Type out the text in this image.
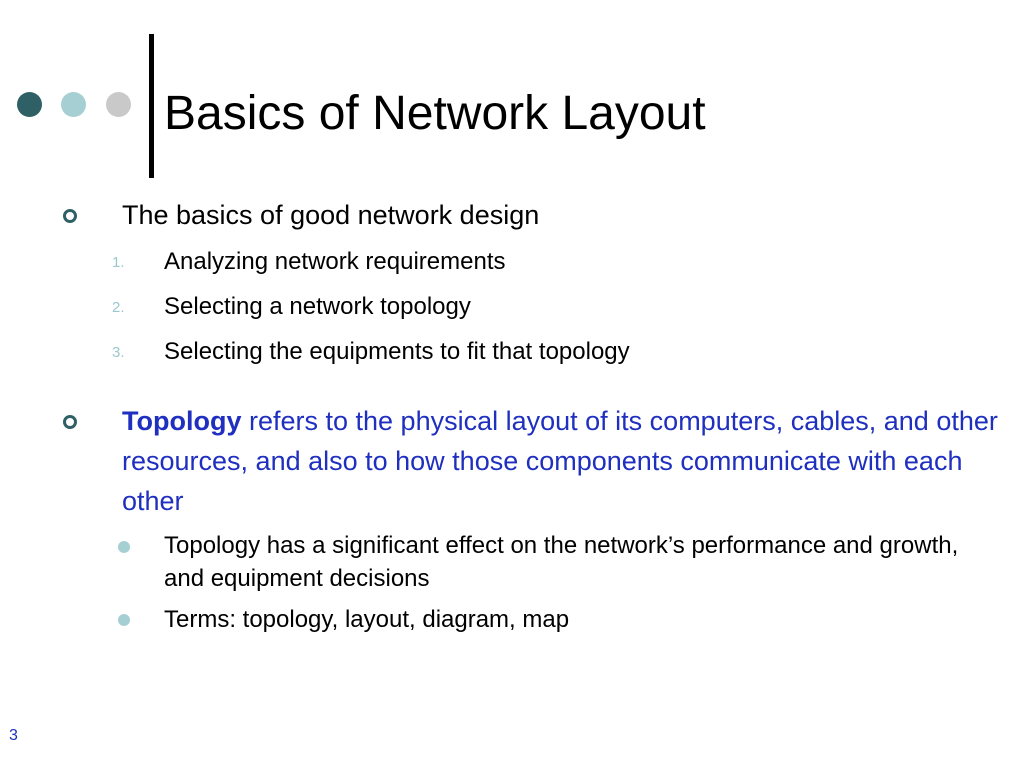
Basics of Network Layout
The basics of good network design
1. Analyzing network requirements
2. Selecting a network topology
3. Selecting the equipments to fit that topology

Topology refers to the physical layout of its computers, cables, and other resources, and also to how those components communicate with each other

Topology has a significant effect on the network’s performance and growth, and equipment decisions

Terms: topology, layout, diagram, map

3
